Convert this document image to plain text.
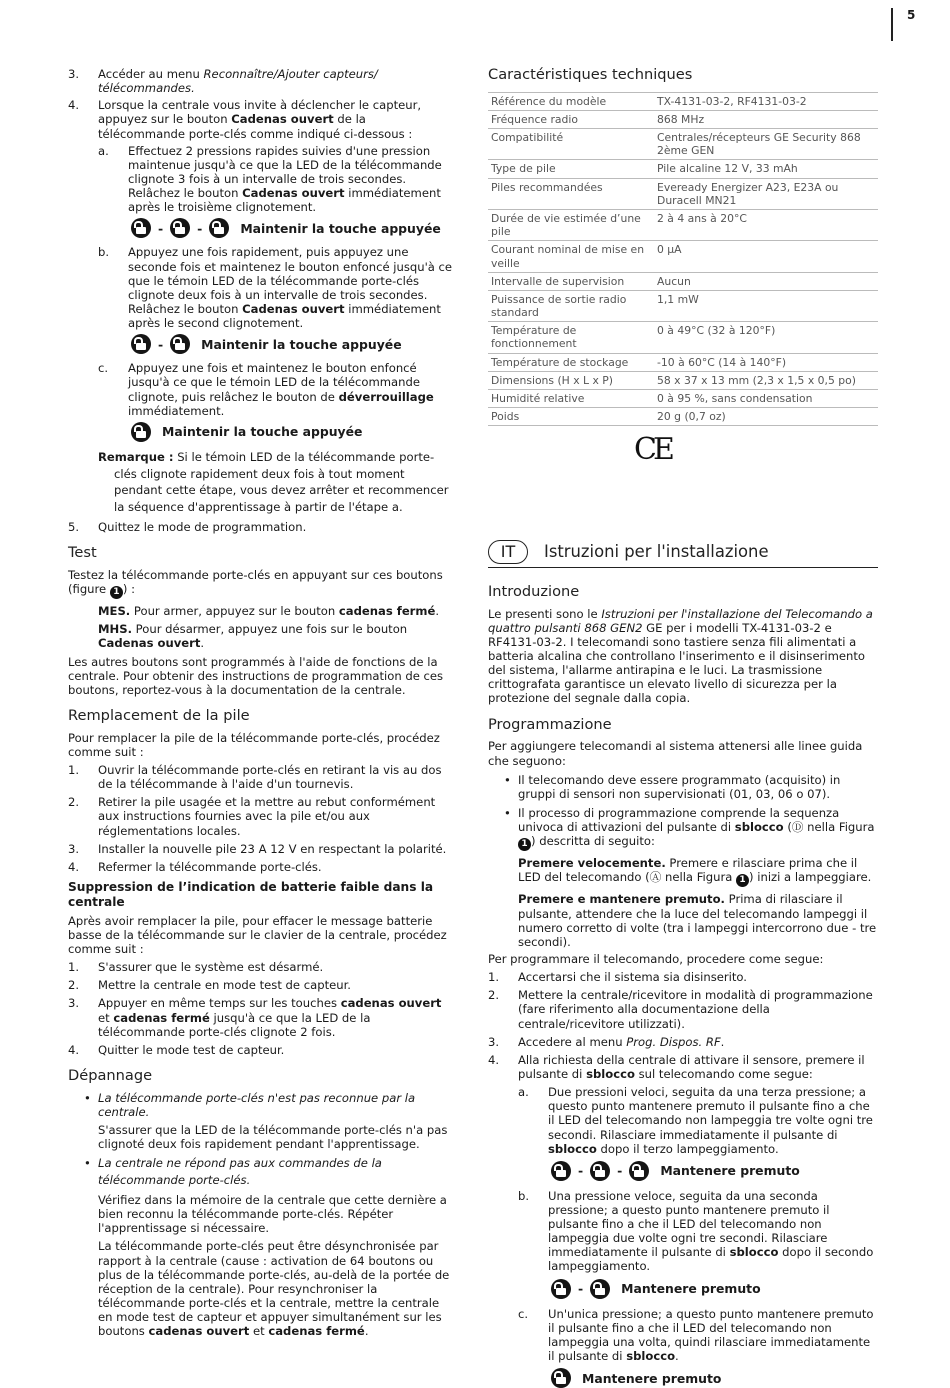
5
3. Accéder au menu Reconnaître/Ajouter capteurs/ télécommandes.
4. Lorsque la centrale vous invite à déclencher le capteur, appuyez sur le bouton Cadenas ouvert de la télécommande porte-clés comme indiqué ci-dessous :
a. Effectuez 2 pressions rapides suivies d'une pression maintenue jusqu'à ce que la LED de la télécommande clignote 3 fois à un intervalle de trois secondes. Relâchez le bouton Cadenas ouvert immédiatement après le troisième clignotement.
-	-	Maintenir la touche appuyée
b. Appuyez une fois rapidement, puis appuyez une seconde fois et maintenez le bouton enfoncé jusqu'à ce que le témoin LED de la télécommande porte-clés clignote deux fois à un intervalle de trois secondes. Relâchez le bouton Cadenas ouvert immédiatement après le second clignotement.
-	Maintenir la touche appuyée
c. Appuyez une fois et maintenez le bouton enfoncé jusqu'à ce que le témoin LED de la télécommande clignote, puis relâchez le bouton de déverrouillage immédiatement.
Maintenir la touche appuyée

Remarque : Si le témoin LED de la télécommande porte-clés clignote rapidement deux fois à tout moment pendant cette étape, vous devez arrêter et recommencer la séquence d'apprentissage à partir de l'étape a.

5. Quittez le mode de programmation.
Test

Testez la télécommande porte-clés en appuyant sur ces boutons (figure 1 ) :

MES. Pour armer, appuyez sur le bouton cadenas fermé.

MHS. Pour désarmer, appuyez une fois sur le bouton Cadenas ouvert.

Les autres boutons sont programmés à l'aide de fonctions de la centrale. Pour obtenir des instructions de programmation de ces boutons, reportez-vous à la documentation de la centrale.

Remplacement de la pile

Pour remplacer la pile de la télécommande porte-clés, procédez comme suit :

1. Ouvrir la télécommande porte-clés en retirant la vis au dos de la télécommande à l'aide d'un tournevis.
2. Retirer la pile usagée et la mettre au rebut conformément aux instructions fournies avec la pile et/ou aux réglementations locales.
3. Installer la nouvelle pile 23 A 12 V en respectant la polarité.
4. Refermer la télécommande porte-clés.
Suppression de l’indication de batterie faible dans la centrale

Après avoir remplacer la pile, pour effacer le message batterie basse de la télécommande sur le clavier de la centrale, procédez comme suit :

1. S'assurer que le système est désarmé.
2. Mettre la centrale en mode test de capteur.
3. Appuyer en même temps sur les touches cadenas ouvert et cadenas fermé jusqu'à ce que la LED de la télécommande porte-clés clignote 2 fois.
4. Quitter le mode test de capteur.
Dépannage
• La télécommande porte-clés n'est pas reconnue par la centrale.

S'assurer que la LED de la télécommande porte-clés n'a pas clignoté deux fois rapidement pendant l'apprentissage.

• La centrale ne répond pas aux commandes de la télécommande porte-clés.

Vérifiez dans la mémoire de la centrale que cette dernière a bien reconnu la télécommande porte-clés. Répéter l'apprentissage si nécessaire.

La télécommande porte-clés peut être désynchronisée par rapport à la centrale (cause : activation de 64 boutons ou plus de la télécommande porte-clés, au-delà de la portée de réception de la centrale). Pour resynchroniser la télécommande porte-clés et la centrale, mettre la centrale en mode test de capteur et appuyer simultanément sur les boutons cadenas ouvert et cadenas fermé.

Caractéristiques techniques
Référence du modèle	TX-4131-03-2, RF4131-03-2
Fréquence radio	868 MHz
Compatibilité	Centrales/récepteurs GE Security 868 2ème GEN
Type de pile	Pile alcaline 12 V, 33 mAh
Piles recommandées	Eveready Energizer A23, E23A ou Duracell MN21
Durée de vie estimée d’une pile	2 à 4 ans à 20°C
Courant nominal de mise en veille	0 µA
Intervalle de supervision	Aucun
Puissance de sortie radio standard	1,1 mW
Température de fonctionnement	0 à 49°C (32 à 120°F)
Température de stockage	-10 à 60°C (14 à 140°F)
Dimensions (H x L x P)	58 x 37 x 13 mm (2,3 x 1,5 x 0,5 po)
Humidité relative	0 à 95 %, sans condensation
Poids	20 g (0,7 oz)
CE
IT	Istruzioni per l'installazione
Introduzione

Le presenti sono le Istruzioni per l'installazione del Telecomando a quattro pulsanti 868 GEN2 GE per i modelli TX-4131-03-2 e RF4131-03-2. I telecomandi sono tastiere senza fili alimentati a batteria alcalina che controllano l'inserimento e il disinserimento del sistema, l'allarme antirapina e le luci. La trasmissione crittografata garantisce un elevato livello di sicurezza per la protezione del segnale dalla copia.

Programmazione

Per aggiungere telecomandi al sistema attenersi alle linee guida che seguono:

• Il telecomando deve essere programmato (acquisito) in gruppi di sensori non supervisionati (01, 03, 06 o 07).
• Il processo di programmazione comprende la sequenza univoca di attivazioni del pulsante di sblocco (Ⓓ nella Figura 1 ) descritta di seguito:

Premere velocemente. Premere e rilasciare prima che il LED del telecomando (Ⓐ nella Figura 1 ) inizi a lampeggiare.

Premere e mantenere premuto. Prima di rilasciare il pulsante, attendere che la luce del telecomando lampeggi il numero corretto di volte (tra i lampeggi intercorrono due - tre secondi).

Per programmare il telecomando, procedere come segue:

1. Accertarsi che il sistema sia disinserito.
2. Mettere la centrale/ricevitore in modalità di programmazione (fare riferimento alla documentazione della centrale/ricevitore utilizzati).
3. Accedere al menu Prog. Dispos. RF.
4. Alla richiesta della centrale di attivare il sensore, premere il pulsante di sblocco sul telecomando come segue:
a. Due pressioni veloci, seguita da una terza pressione; a questo punto mantenere premuto il pulsante fino a che il LED del telecomando non lampeggia tre volte ogni tre secondi. Rilasciare immediatamente il pulsante di sblocco dopo il terzo lampeggiamento.
-	-	Mantenere premuto
b. Una pressione veloce, seguita da una seconda pressione; a questo punto mantenere premuto il pulsante fino a che il LED del telecomando non lampeggia due volte ogni tre secondi. Rilasciare immediatamente il pulsante di sblocco dopo il secondo lampeggiamento.
-	Mantenere premuto
c. Un'unica pressione; a questo punto mantenere premuto il pulsante fino a che il LED del telecomando non lampeggia una volta, quindi rilasciare immediatamente il pulsante di sblocco.
Mantenere premuto
